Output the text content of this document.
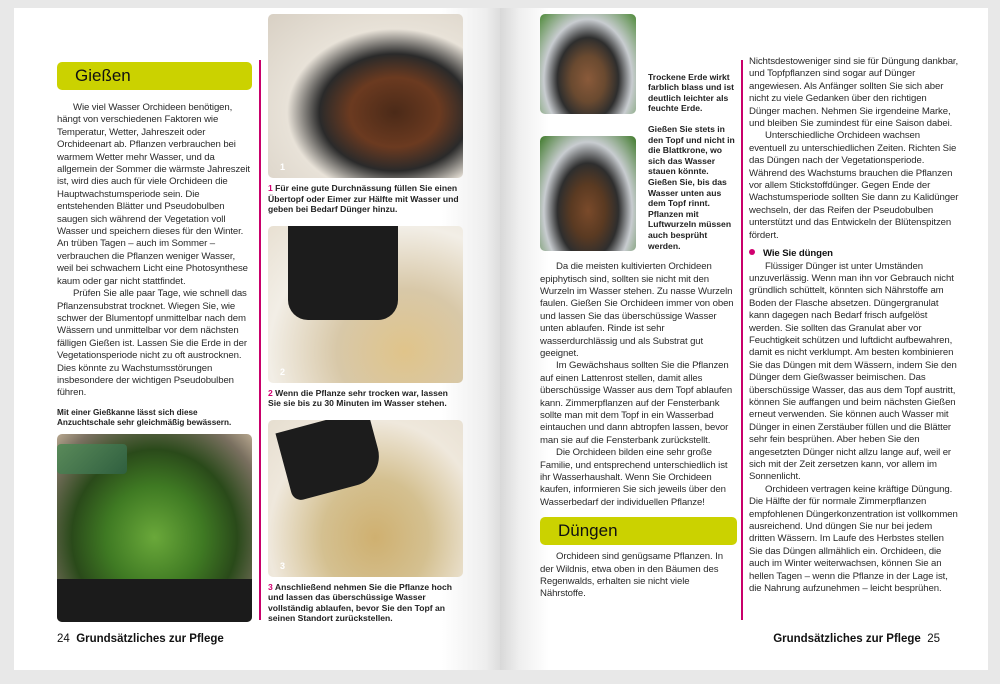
Gießen

Wie viel Wasser Orchideen benötigen, hängt von verschiedenen Faktoren wie Temperatur, Wetter, Jahreszeit oder Orchideenart ab. Pflanzen verbrauchen bei warmem Wetter mehr Wasser, und da allgemein der Sommer die wärmste Jahreszeit ist, wird dies auch für viele Orchideen die Hauptwachstumsperiode sein. Die entstehenden Blätter und Pseudobulben saugen sich während der Vegetation voll Wasser und speichern dieses für den Winter. An trüben Tagen – auch im Sommer – verbrauchen die Pflanzen weniger Wasser, weil bei schwachem Licht eine Photosynthese kaum oder gar nicht stattfindet.

Prüfen Sie alle paar Tage, wie schnell das Pflanzensubstrat trocknet. Wiegen Sie, wie schwer der Blumentopf unmittelbar nach dem Wässern und unmittelbar vor dem nächsten fälligen Gießen ist. Lassen Sie die Erde in der Vegetationsperiode nicht zu oft austrocknen. Dies könnte zu Wachstumsstörungen insbesondere der wichtigen Pseudobulben führen.

Mit einer Gießkanne lässt sich diese Anzuchtschale sehr gleichmäßig bewässern.
1
1 Für eine gute Durchnässung füllen Sie einen Übertopf oder Eimer zur Hälfte mit Wasser und geben bei Bedarf Dünger hinzu.
2
2 Wenn die Pflanze sehr trocken war, lassen Sie sie bis zu 30 Minuten im Wasser stehen.
3
3 Anschließend nehmen Sie die Pflanze hoch und lassen das überschüssige Wasser vollständig ablaufen, bevor Sie den Topf an seinen Standort zurückstellen.
24 Grundsätzliches zur Pflege
Trockene Erde wirkt farblich blass und ist deutlich leichter als feuchte Erde.
Gießen Sie stets in den Topf und nicht in die Blattkrone, wo sich das Wasser stauen könnte. Gießen Sie, bis das Wasser unten aus dem Topf rinnt. Pflanzen mit Luftwurzeln müssen auch besprüht werden.

Da die meisten kultivierten Orchideen epiphytisch sind, sollten sie nicht mit den Wurzeln im Wasser stehen. Zu nasse Wurzeln faulen. Gießen Sie Orchideen immer von oben und lassen Sie das überschüssige Wasser unten ablaufen. Rinde ist sehr wasserdurchlässig und als Substrat gut geeignet.

Im Gewächshaus sollten Sie die Pflanzen auf einen Lattenrost stellen, damit alles überschüssige Wasser aus dem Topf ablaufen kann. Zimmerpflanzen auf der Fensterbank sollte man mit dem Topf in ein Wasserbad eintauchen und dann abtropfen lassen, bevor man sie auf die Fensterbank zurückstellt.

Die Orchideen bilden eine sehr große Familie, und entsprechend unterschiedlich ist ihr Wasserhaushalt. Wenn Sie Orchideen kaufen, informieren Sie sich jeweils über den Wasserbedarf der individuellen Pflanze!

Düngen

Orchideen sind genügsame Pflanzen. In der Wildnis, etwa oben in den Bäumen des Regenwalds, erhalten sie nicht viele Nährstoffe.

Nichtsdestoweniger sind sie für Düngung dankbar, und Topfpflanzen sind sogar auf Dünger angewiesen. Als Anfänger sollten Sie sich aber nicht zu viele Gedanken über den richtigen Dünger machen. Nehmen Sie irgendeine Marke, und bleiben Sie zumindest für eine Saison dabei.

Unterschiedliche Orchideen wachsen eventuell zu unterschiedlichen Zeiten. Richten Sie das Düngen nach der Vegetationsperiode. Während des Wachstums brauchen die Pflanzen vor allem Stickstoffdünger. Gegen Ende der Wachstumsperiode sollten Sie dann zu Kalidünger wechseln, der das Reifen der Pseudobulben unterstützt und das Entwickeln der Blütenspitzen fördert.

Wie Sie düngen

Flüssiger Dünger ist unter Umständen unzuverlässig. Wenn man ihn vor Gebrauch nicht gründlich schüttelt, könnten sich Nährstoffe am Boden der Flasche absetzen. Düngergranulat kann dagegen nach Bedarf frisch aufgelöst werden. Sie sollten das Granulat aber vor Feuchtigkeit schützen und luftdicht aufbewahren, damit es nicht verklumpt. Am besten kombinieren Sie das Düngen mit dem Wässern, indem Sie den Dünger dem Gießwasser beimischen. Das überschüssige Wasser, das aus dem Topf austritt, können Sie auffangen und beim nächsten Gießen erneut verwenden. Sie können auch Wasser mit Dünger in einen Zerstäuber füllen und die Blätter sehr fein besprühen. Aber heben Sie den angesetzten Dünger nicht allzu lange auf, weil er sich mit der Zeit zersetzen kann, vor allem im Sonnenlicht.

Orchideen vertragen keine kräftige Düngung. Die Hälfte der für normale Zimmerpflanzen empfohlenen Düngerkonzentration ist vollkommen ausreichend. Und düngen Sie nur bei jedem dritten Wässern. Im Laufe des Herbstes stellen Sie das Düngen allmählich ein. Orchideen, die auch im Winter weiterwachsen, können Sie an hellen Tagen – wenn die Pflanze in der Lage ist, die Nahrung aufzunehmen – leicht besprühen.

Grundsätzliches zur Pflege 25
